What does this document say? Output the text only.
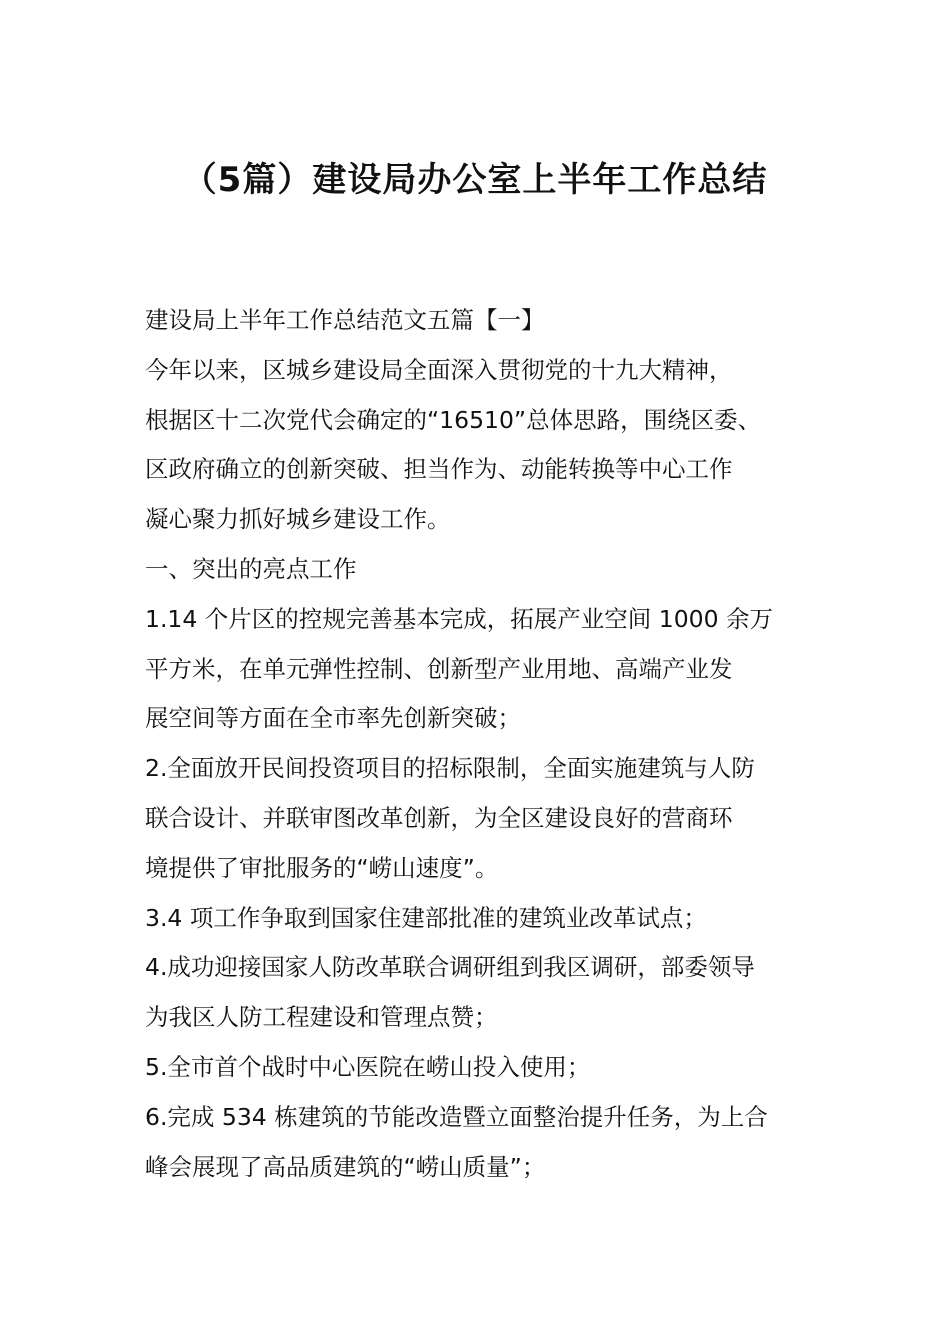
（5篇）建设局办公室上半年工作总结

建设局上半年工作总结范文五篇【一】

今年以来，区城乡建设局全面深入贯彻党的十九大精神，

根据区十二次党代会确定的“16510”总体思路，围绕区委、

区政府确立的创新突破、担当作为、动能转换等中心工作

凝心聚力抓好城乡建设工作。

一、突出的亮点工作

1.14 个片区的控规完善基本完成，拓展产业空间 1000 余万

平方米，在单元弹性控制、创新型产业用地、高端产业发

展空间等方面在全市率先创新突破；

2.全面放开民间投资项目的招标限制，全面实施建筑与人防

联合设计、并联审图改革创新，为全区建设良好的营商环

境提供了审批服务的“崂山速度”。

3.4 项工作争取到国家住建部批准的建筑业改革试点；

4.成功迎接国家人防改革联合调研组到我区调研，部委领导

为我区人防工程建设和管理点赞；

5.全市首个战时中心医院在崂山投入使用；

6.完成 534 栋建筑的节能改造暨立面整治提升任务，为上合

峰会展现了高品质建筑的“崂山质量”；
